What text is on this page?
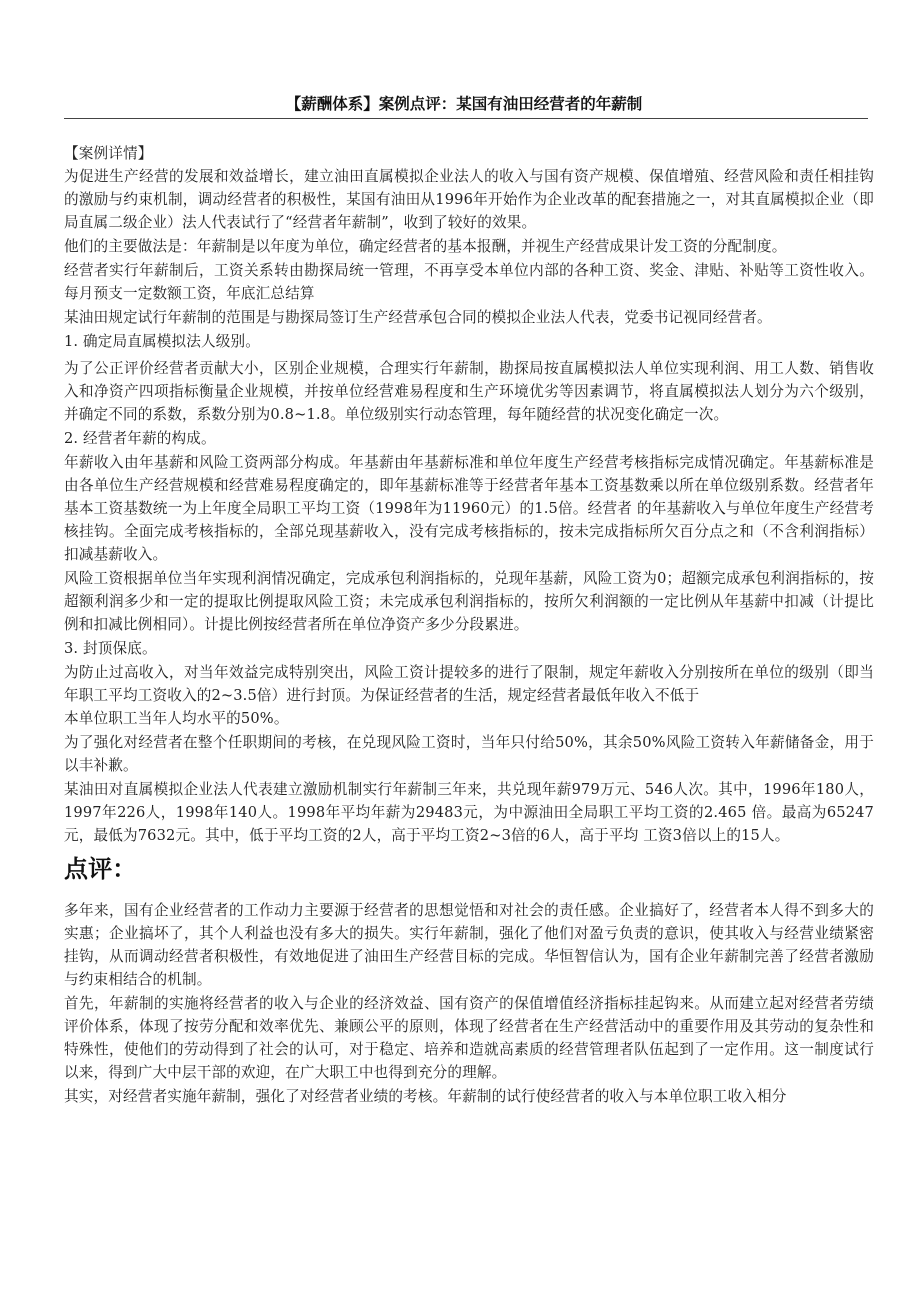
【薪酬体系】案例点评：某国有油田经营者的年薪制

【案例详情】

为促进生产经营的发展和效益增长，建立油田直属模拟企业法人的收入与国有资产规模、保值增殖、经营风险和责任相挂钩的激励与约束机制，调动经营者的积极性，某国有油田从1996年开始作为企业改革的配套措施之一，对其直属模拟企业（即局直属二级企业）法人代表试行了“经营者年薪制”，收到了较好的效果。

他们的主要做法是：年薪制是以年度为单位，确定经营者的基本报酬，并视生产经营成果计发工资的分配制度。

经营者实行年薪制后，工资关系转由勘探局统一管理，不再享受本单位内部的各种工资、奖金、津贴、补贴等工资性收入。每月预支一定数额工资，年底汇总结算

某油田规定试行年薪制的范围是与勘探局签订生产经营承包合同的模拟企业法人代表，党委书记视同经营者。

1. 确定局直属模拟法人级别。

为了公正评价经营者贡献大小，区别企业规模，合理实行年薪制，勘探局按直属模拟法人单位实现利润、用工人数、销售收入和净资产四项指标衡量企业规模，并按单位经营难易程度和生产环境优劣等因素调节，将直属模拟法人划分为六个级别，并确定不同的系数，系数分别为0.8~1.8。单位级别实行动态管理，每年随经营的状况变化确定一次。

2. 经营者年薪的构成。

年薪收入由年基薪和风险工资两部分构成。年基薪由年基薪标准和单位年度生产经营考核指标完成情况确定。年基薪标准是由各单位生产经营规模和经营难易程度确定的，即年基薪标准等于经营者年基本工资基数乘以所在单位级别系数。经营者年基本工资基数统一为上年度全局职工平均工资（1998年为11960元）的1.5倍。经营者 的年基薪收入与单位年度生产经营考核挂钩。全面完成考核指标的，全部兑现基薪收入，没有完成考核指标的，按未完成指标所欠百分点之和（不含利润指标）扣减基薪收入。

风险工资根据单位当年实现利润情况确定，完成承包利润指标的，兑现年基薪，风险工资为0；超额完成承包利润指标的，按超额利润多少和一定的提取比例提取风险工资；未完成承包利润指标的，按所欠利润额的一定比例从年基薪中扣减（计提比例和扣减比例相同）。计提比例按经营者所在单位净资产多少分段累进。

3. 封顶保底。

为防止过高收入，对当年效益完成特别突出，风险工资计提较多的进行了限制，规定年薪收入分别按所在单位的级别（即当年职工平均工资收入的2~3.5倍）进行封顶。为保证经营者的生活，规定经营者最低年收入不低于

本单位职工当年人均水平的50%。

为了强化对经营者在整个任职期间的考核，在兑现风险工资时，当年只付给50%，其余50%风险工资转入年薪储备金，用于以丰补歉。

某油田对直属模拟企业法人代表建立激励机制实行年薪制三年来，共兑现年薪979万元、546人次。其中，1996年180人，1997年226人，1998年140人。1998年平均年薪为29483元，为中源油田全局职工平均工资的2.465 倍。最高为65247元，最低为7632元。其中，低于平均工资的2人，高于平均工资2~3倍的6人，高于平均 工资3倍以上的15人。

点评：

多年来，国有企业经营者的工作动力主要源于经营者的思想觉悟和对社会的责任感。企业搞好了，经营者本人得不到多大的实惠；企业搞坏了，其个人利益也没有多大的损失。实行年薪制，强化了他们对盈亏负责的意识，使其收入与经营业绩紧密挂钩，从而调动经营者积极性，有效地促进了油田生产经营目标的完成。华恒智信认为，国有企业年薪制完善了经营者激励与约束相结合的机制。

首先，年薪制的实施将经营者的收入与企业的经济效益、国有资产的保值增值经济指标挂起钩来。从而建立起对经营者劳绩评价体系，体现了按劳分配和效率优先、兼顾公平的原则，体现了经营者在生产经营活动中的重要作用及其劳动的复杂性和特殊性，使他们的劳动得到了社会的认可，对于稳定、培养和造就高素质的经营管理者队伍起到了一定作用。这一制度试行以来，得到广大中层干部的欢迎，在广大职工中也得到充分的理解。

其实，对经营者实施年薪制，强化了对经营者业绩的考核。年薪制的试行使经营者的收入与本单位职工收入相分
